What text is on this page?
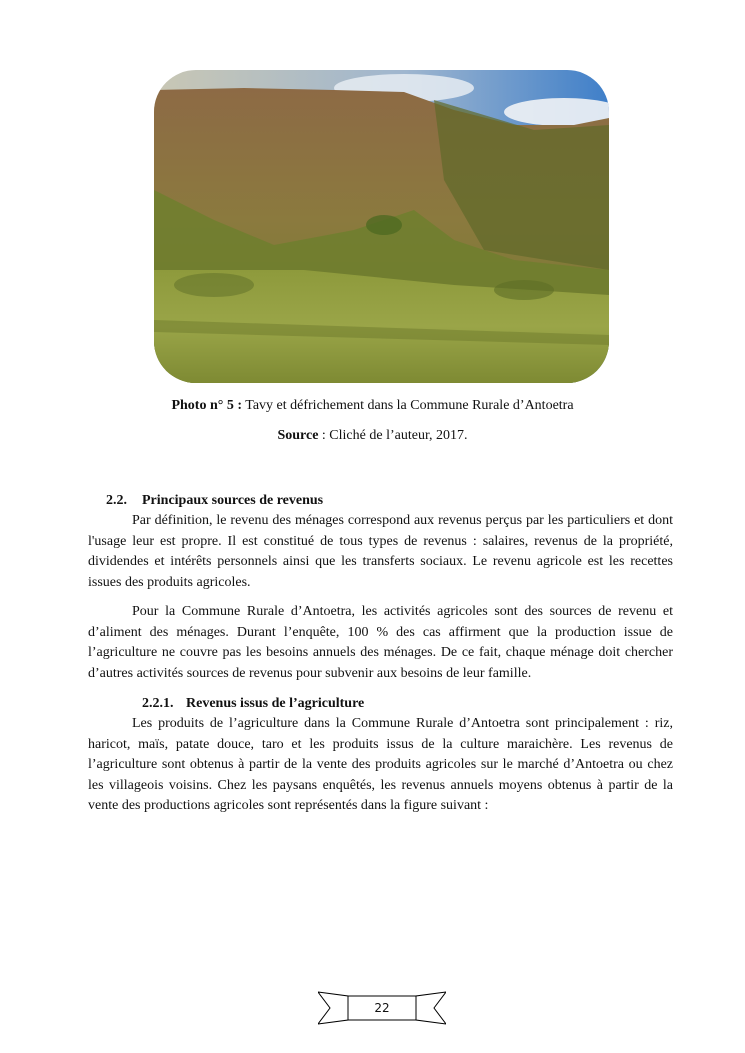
Photo n° 5 : Tavy et défrichement dans la Commune Rurale d’Antoetra
Source : Cliché de l’auteur, 2017.
2.2. Principaux sources de revenus

Par définition, le revenu des ménages correspond aux revenus perçus par les particuliers et dont l'usage leur est propre. Il est constitué de tous types de revenus : salaires, revenus de la propriété, dividendes et intérêts personnels ainsi que les transferts sociaux. Le revenu agricole est les recettes issues des produits agricoles.

Pour la Commune Rurale d’Antoetra, les activités agricoles sont des sources de revenu et d’aliment des ménages. Durant l’enquête, 100 % des cas affirment que la production issue de l’agriculture ne couvre pas les besoins annuels des ménages. De ce fait, chaque ménage doit chercher d’autres activités sources de revenus pour subvenir aux besoins de leur famille.

2.2.1. Revenus issus de l’agriculture

Les produits de l’agriculture dans la Commune Rurale d’Antoetra sont principalement : riz, haricot, maïs, patate douce, taro et les produits issus de la culture maraichère. Les revenus de l’agriculture sont obtenus à partir de la vente des produits agricoles sur le marché d’Antoetra ou chez les villageois voisins. Chez les paysans enquêtés, les revenus annuels moyens obtenus à partir de la vente des productions agricoles sont représentés dans la figure suivant :

22
